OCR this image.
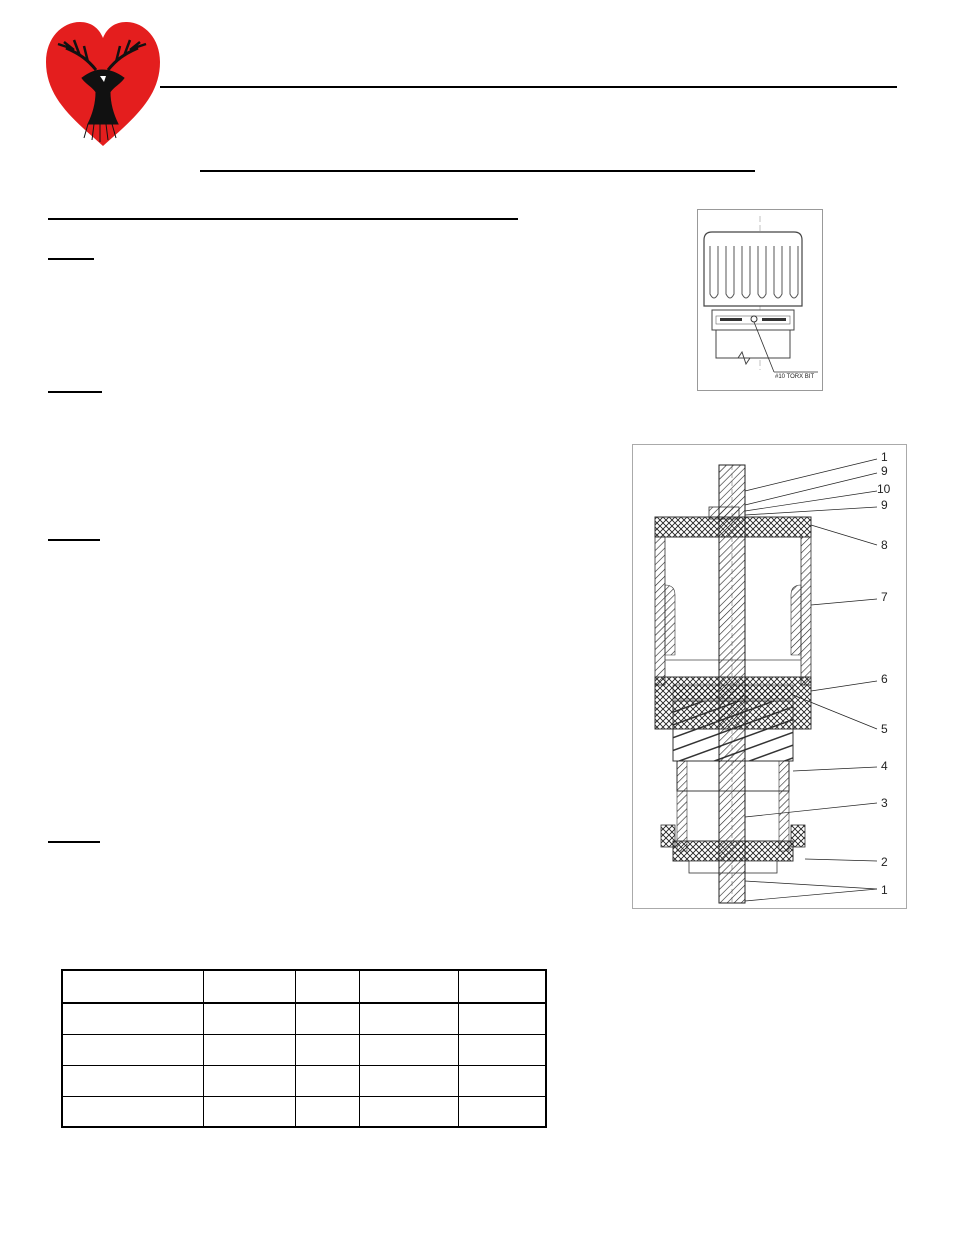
#10 TORX BIT
1
9
10
9
8
7
6
5
4
3
2
1
